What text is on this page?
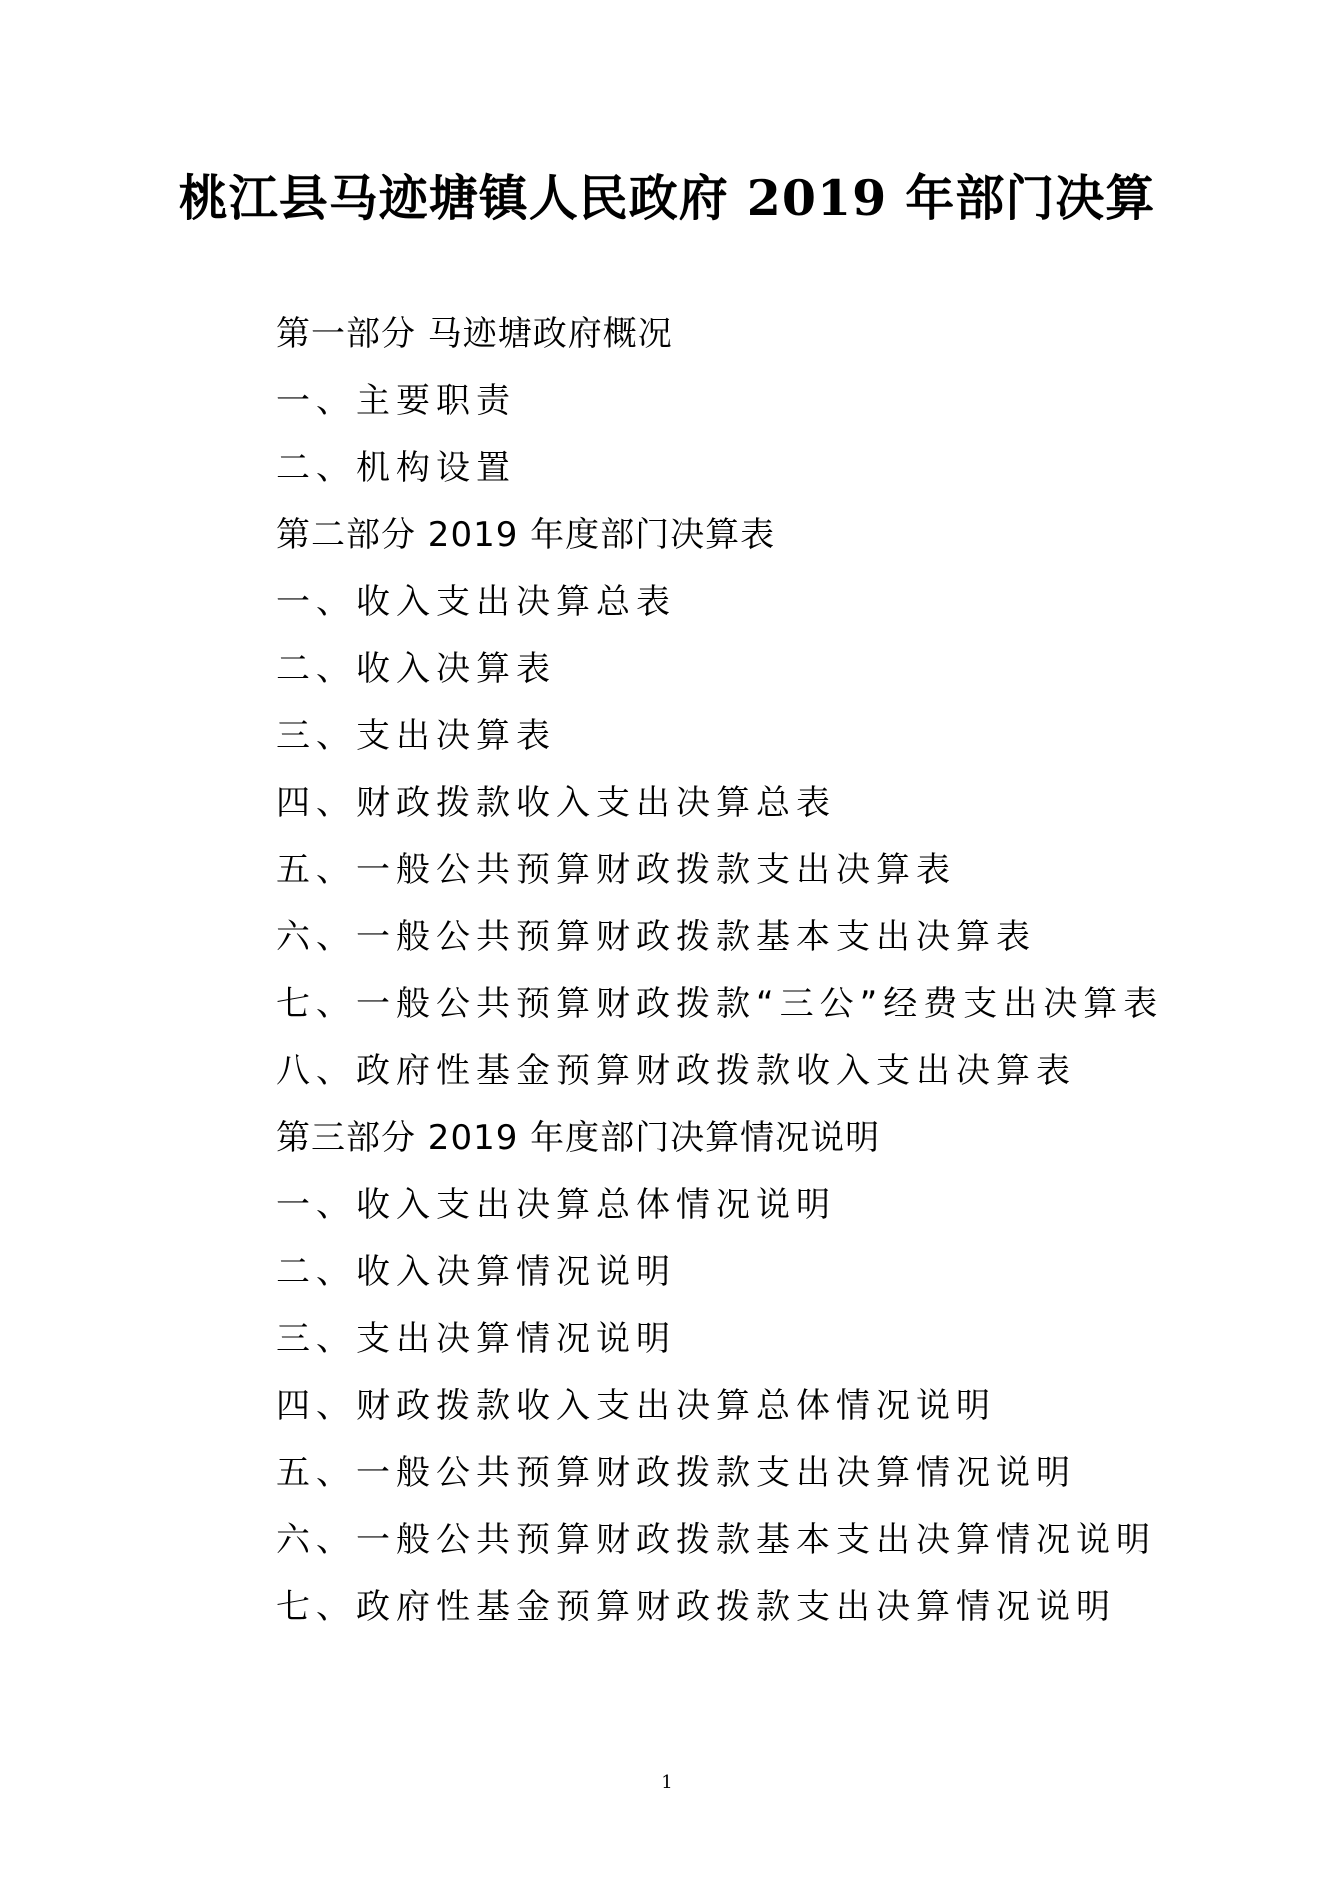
桃江县马迹塘镇人民政府 2019 年部门决算
第一部分 马迹塘政府概况
一、主要职责
二、机构设置
第二部分 2019 年度部门决算表
一、收入支出决算总表
二、收入决算表
三、支出决算表
四、财政拨款收入支出决算总表
五、一般公共预算财政拨款支出决算表
六、一般公共预算财政拨款基本支出决算表
七、一般公共预算财政拨款“三公”经费支出决算表
八、政府性基金预算财政拨款收入支出决算表
第三部分 2019 年度部门决算情况说明
一、收入支出决算总体情况说明
二、收入决算情况说明
三、支出决算情况说明
四、财政拨款收入支出决算总体情况说明
五、一般公共预算财政拨款支出决算情况说明
六、一般公共预算财政拨款基本支出决算情况说明
七、政府性基金预算财政拨款支出决算情况说明
1
